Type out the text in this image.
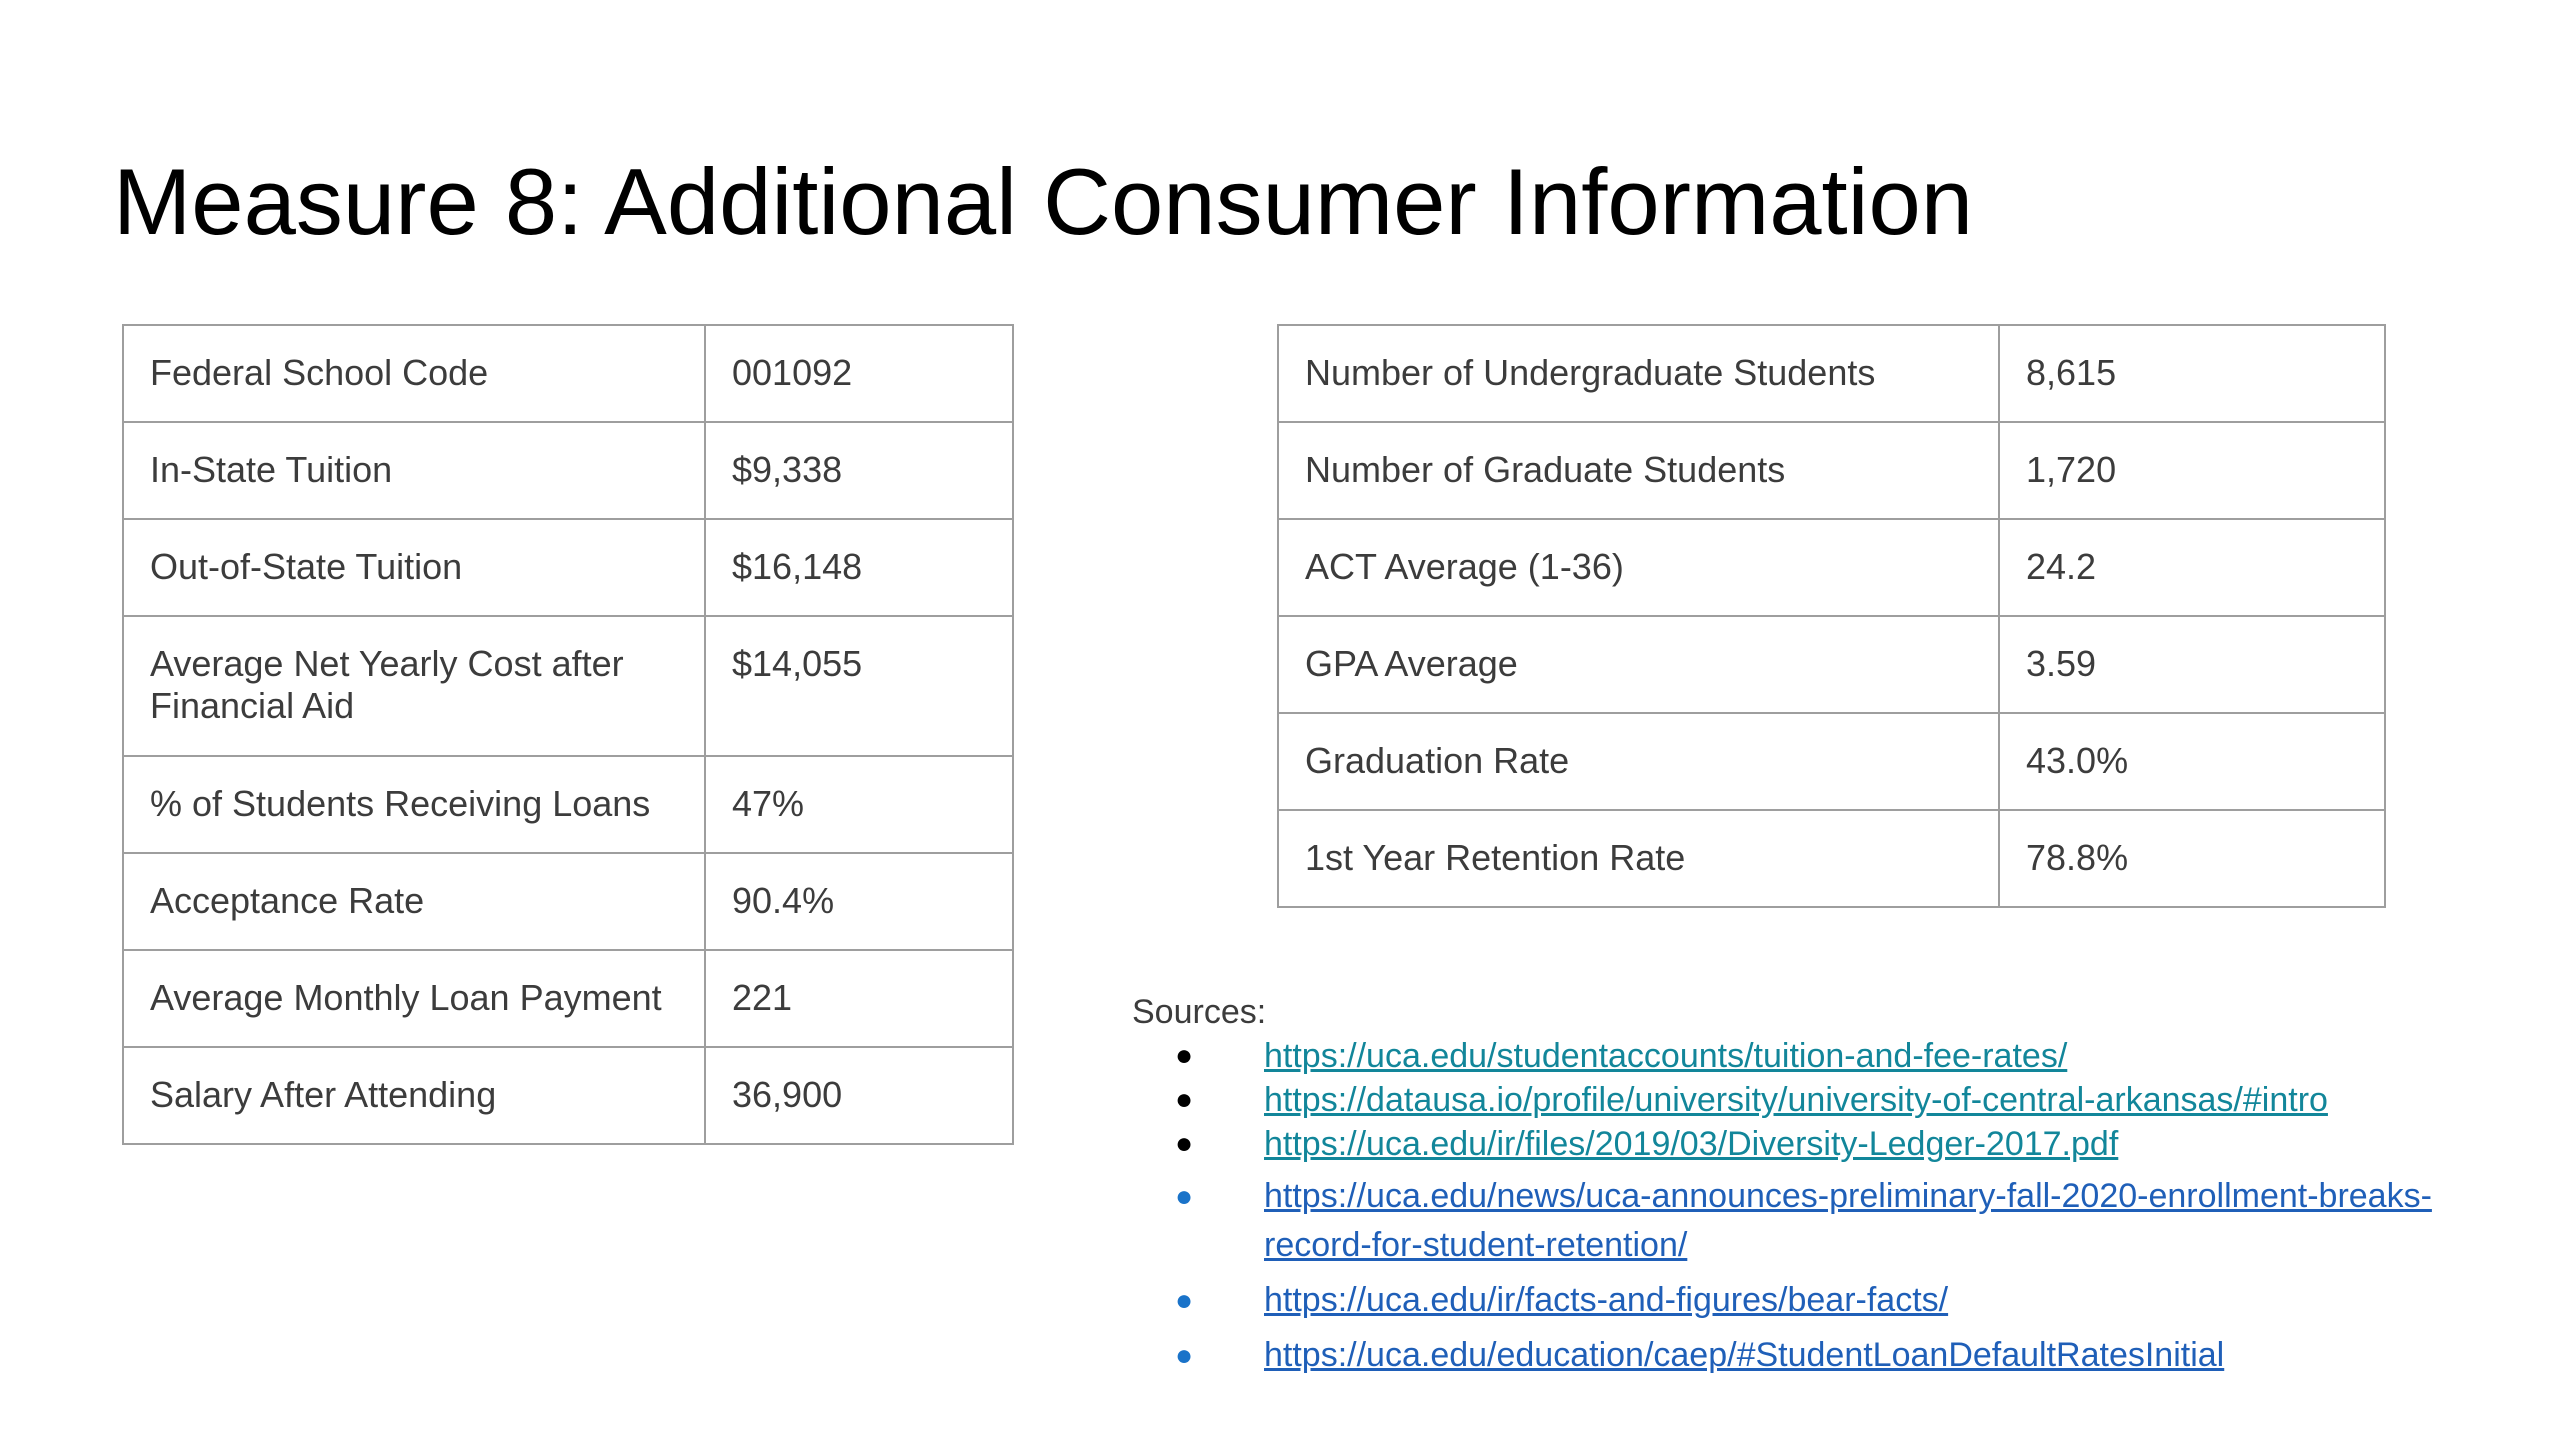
Measure 8: Additional Consumer Information
Federal School Code	001092
In-State Tuition	$9,338
Out-of-State Tuition	$16,148
Average Net Yearly Cost after Financial Aid	$14,055
% of Students Receiving Loans	47%
Acceptance Rate	90.4%
Average Monthly Loan Payment	221
Salary After Attending	36,900
Number of Undergraduate Students	8,615
Number of Graduate Students	1,720
ACT Average (1-36)	24.2
GPA Average	3.59
Graduation Rate	43.0%
1st Year Retention Rate	78.8%
Sources:
● https://uca.edu/studentaccounts/tuition-and-fee-rates/
● https://datausa.io/profile/university/university-of-central-arkansas/#intro
● https://uca.edu/ir/files/2019/03/Diversity-Ledger-2017.pdf
● https://uca.edu/news/uca-announces-preliminary-fall-2020-enrollment-breaks-record-for-student-retention/
● https://uca.edu/ir/facts-and-figures/bear-facts/
● https://uca.edu/education/caep/#StudentLoanDefaultRatesInitial
